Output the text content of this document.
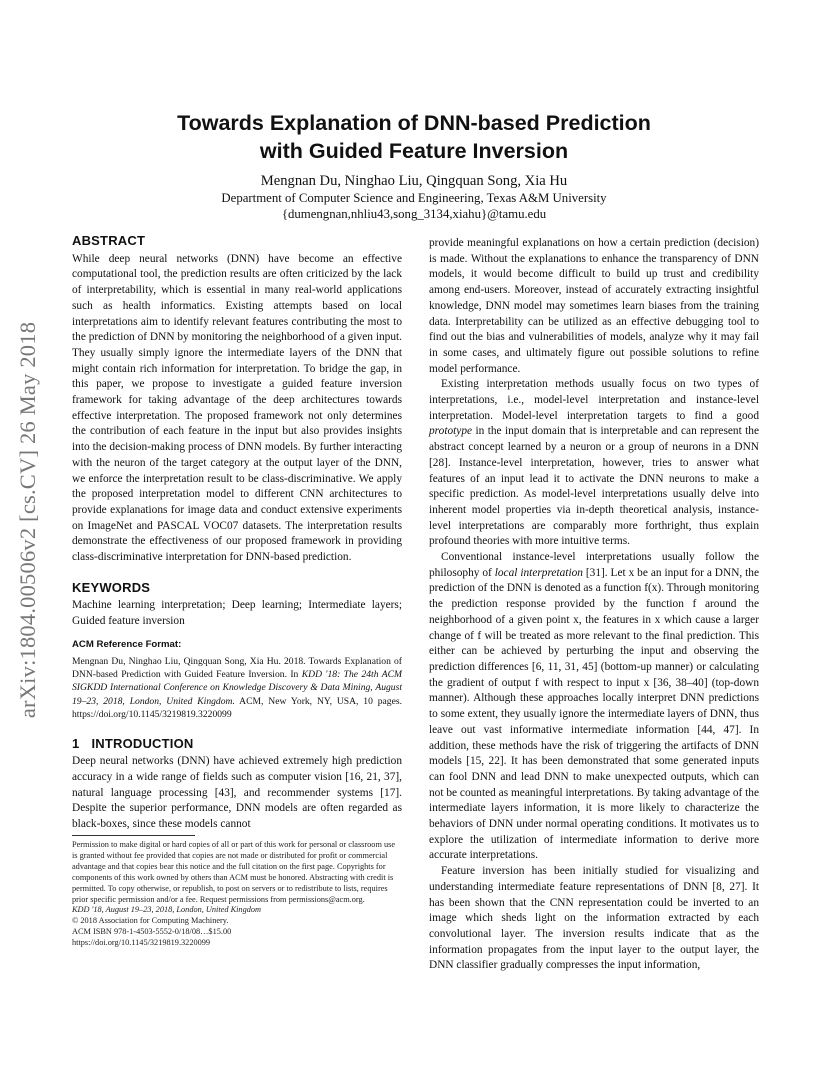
arXiv:1804.00506v2 [cs.CV] 26 May 2018
Towards Explanation of DNN-based Prediction
with Guided Feature Inversion
Mengnan Du, Ninghao Liu, Qingquan Song, Xia Hu
Department of Computer Science and Engineering, Texas A&M University
{dumengnan,nhliu43,song_3134,xiahu}@tamu.edu
ABSTRACT

While deep neural networks (DNN) have become an effective computational tool, the prediction results are often criticized by the lack of interpretability, which is essential in many real-world applications such as health informatics. Existing attempts based on local interpretations aim to identify relevant features contributing the most to the prediction of DNN by monitoring the neighborhood of a given input. They usually simply ignore the intermediate layers of the DNN that might contain rich information for interpretation. To bridge the gap, in this paper, we propose to investigate a guided feature inversion framework for taking advantage of the deep architectures towards effective interpretation. The proposed framework not only determines the contribution of each feature in the input but also provides insights into the decision-making process of DNN models. By further interacting with the neuron of the target category at the output layer of the DNN, we enforce the interpretation result to be class-discriminative. We apply the proposed interpretation model to different CNN architectures to provide explanations for image data and conduct extensive experiments on ImageNet and PASCAL VOC07 datasets. The interpretation results demonstrate the effectiveness of our proposed framework in providing class-discriminative interpretation for DNN-based prediction.

KEYWORDS

Machine learning interpretation; Deep learning; Intermediate layers; Guided feature inversion

ACM Reference Format:
Mengnan Du, Ninghao Liu, Qingquan Song, Xia Hu. 2018. Towards Explanation of DNN-based Prediction with Guided Feature Inversion. In KDD '18: The 24th ACM SIGKDD International Conference on Knowledge Discovery & Data Mining, August 19–23, 2018, London, United Kingdom. ACM, New York, NY, USA, 10 pages. https://doi.org/10.1145/3219819.3220099
1 INTRODUCTION

Deep neural networks (DNN) have achieved extremely high prediction accuracy in a wide range of fields such as computer vision [16, 21, 37], natural language processing [43], and recommender systems [17]. Despite the superior performance, DNN models are often regarded as black-boxes, since these models cannot

Permission to make digital or hard copies of all or part of this work for personal or classroom use is granted without fee provided that copies are not made or distributed for profit or commercial advantage and that copies bear this notice and the full citation on the first page. Copyrights for components of this work owned by others than ACM must be honored. Abstracting with credit is permitted. To copy otherwise, or republish, to post on servers or to redistribute to lists, requires prior specific permission and/or a fee. Request permissions from permissions@acm.org.

KDD '18, August 19–23, 2018, London, United Kingdom

© 2018 Association for Computing Machinery.

ACM ISBN 978-1-4503-5552-0/18/08…$15.00

https://doi.org/10.1145/3219819.3220099

provide meaningful explanations on how a certain prediction (decision) is made. Without the explanations to enhance the transparency of DNN models, it would become difficult to build up trust and credibility among end-users. Moreover, instead of accurately extracting insightful knowledge, DNN model may sometimes learn biases from the training data. Interpretability can be utilized as an effective debugging tool to find out the bias and vulnerabilities of models, analyze why it may fail in some cases, and ultimately figure out possible solutions to refine model performance.

Existing interpretation methods usually focus on two types of interpretations, i.e., model-level interpretation and instance-level interpretation. Model-level interpretation targets to find a good prototype in the input domain that is interpretable and can represent the abstract concept learned by a neuron or a group of neurons in a DNN [28]. Instance-level interpretation, however, tries to answer what features of an input lead it to activate the DNN neurons to make a specific prediction. As model-level interpretations usually delve into inherent model properties via in-depth theoretical analysis, instance-level interpretations are comparably more forthright, thus explain profound theories with more intuitive terms.

Conventional instance-level interpretations usually follow the philosophy of local interpretation [31]. Let x be an input for a DNN, the prediction of the DNN is denoted as a function f(x). Through monitoring the prediction response provided by the function f around the neighborhood of a given point x, the features in x which cause a larger change of f will be treated as more relevant to the final prediction. This either can be achieved by perturbing the input and observing the prediction differences [6, 11, 31, 45] (bottom-up manner) or calculating the gradient of output f with respect to input x [36, 38–40] (top-down manner). Although these approaches locally interpret DNN predictions to some extent, they usually ignore the intermediate layers of DNN, thus leave out vast informative intermediate information [44, 47]. In addition, these methods have the risk of triggering the artifacts of DNN models [15, 22]. It has been demonstrated that some generated inputs can fool DNN and lead DNN to make unexpected outputs, which can not be counted as meaningful interpretations. By taking advantage of the intermediate layers information, it is more likely to characterize the behaviors of DNN under normal operating conditions. It motivates us to explore the utilization of intermediate information to derive more accurate interpretations.

Feature inversion has been initially studied for visualizing and understanding intermediate feature representations of DNN [8, 27]. It has been shown that the CNN representation could be inverted to an image which sheds light on the information extracted by each convolutional layer. The inversion results indicate that as the information propagates from the input layer to the output layer, the DNN classifier gradually compresses the input information,
